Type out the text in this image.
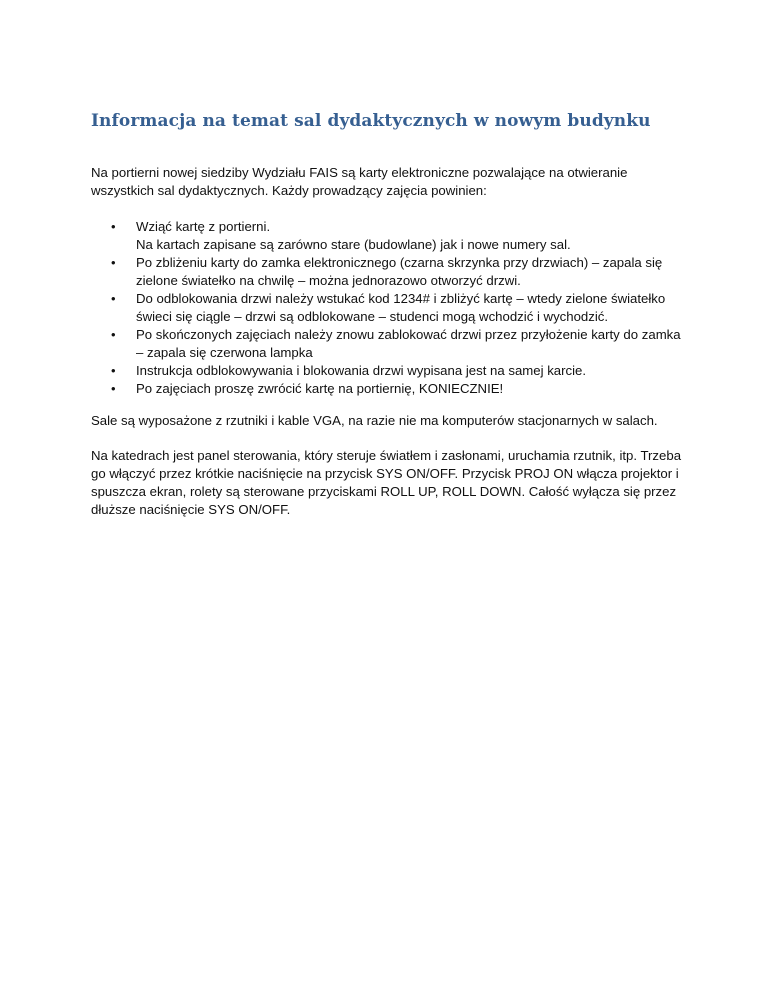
Informacja na temat sal dydaktycznych w nowym budynku

Na portierni nowej siedziby Wydziału FAIS są karty elektroniczne pozwalające na otwieranie wszystkich sal dydaktycznych. Każdy prowadzący zajęcia powinien:

• Wziąć kartę z portierni.
Na kartach zapisane są zarówno stare (budowlane) jak i nowe numery sal.
• Po zbliżeniu karty do zamka elektronicznego (czarna skrzynka przy drzwiach) – zapala się zielone światełko na chwilę – można jednorazowo otworzyć drzwi.
• Do odblokowania drzwi należy wstukać kod 1234# i zbliżyć kartę – wtedy zielone światełko świeci się ciągle – drzwi są odblokowane – studenci mogą wchodzić i wychodzić.
• Po skończonych zajęciach należy znowu zablokować drzwi przez przyłożenie karty do zamka – zapala się czerwona lampka
• Instrukcja odblokowywania i blokowania drzwi wypisana jest na samej karcie.
• Po zajęciach proszę zwrócić kartę na portiernię, KONIECZNIE!

Sale są wyposażone z rzutniki i kable VGA, na razie nie ma komputerów stacjonarnych w salach.

Na katedrach jest panel sterowania, który steruje światłem i zasłonami, uruchamia rzutnik, itp. Trzeba go włączyć przez krótkie naciśnięcie na przycisk SYS ON/OFF. Przycisk PROJ ON włącza projektor i spuszcza ekran, rolety są sterowane przyciskami ROLL UP, ROLL DOWN. Całość wyłącza się przez dłuższe naciśnięcie SYS ON/OFF.
